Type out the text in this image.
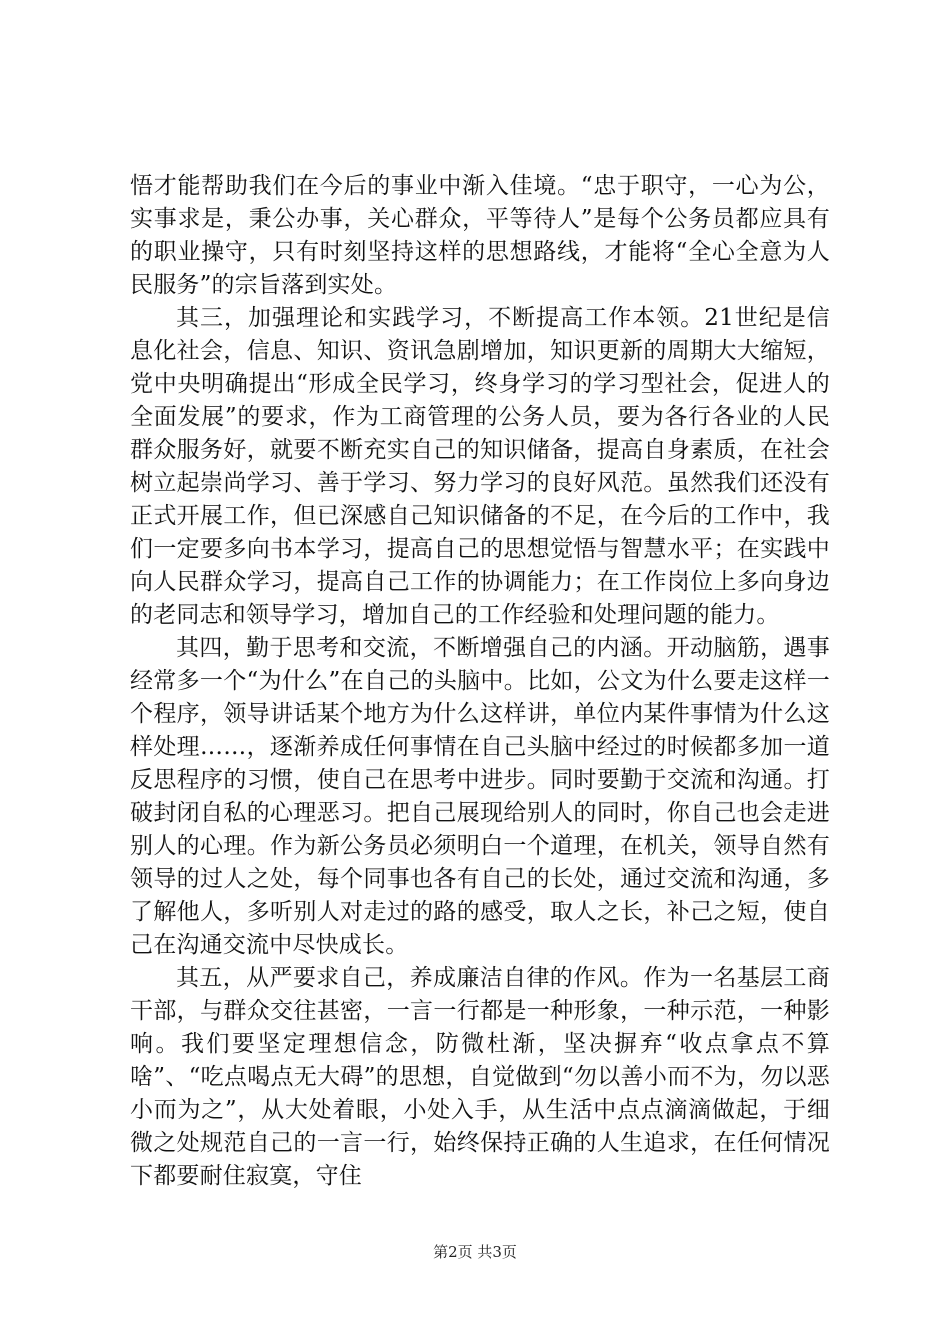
悟才能帮助我们在今后的事业中渐入佳境。“忠于职守，一心为公，实事求是，秉公办事，关心群众，平等待人”是每个公务员都应具有的职业操守，只有时刻坚持这样的思想路线，才能将“全心全意为人民服务”的宗旨落到实处。

其三，加强理论和实践学习，不断提高工作本领。21世纪是信息化社会，信息、知识、资讯急剧增加，知识更新的周期大大缩短，党中央明确提出“形成全民学习，终身学习的学习型社会，促进人的全面发展”的要求，作为工商管理的公务人员，要为各行各业的人民群众服务好，就要不断充实自己的知识储备，提高自身素质，在社会树立起崇尚学习、善于学习、努力学习的良好风范。虽然我们还没有正式开展工作，但已深感自己知识储备的不足，在今后的工作中，我们一定要多向书本学习，提高自己的思想觉悟与智慧水平；在实践中向人民群众学习，提高自己工作的协调能力；在工作岗位上多向身边的老同志和领导学习，增加自己的工作经验和处理问题的能力。

其四，勤于思考和交流，不断增强自己的内涵。开动脑筋，遇事经常多一个“为什么”在自己的头脑中。比如，公文为什么要走这样一个程序，领导讲话某个地方为什么这样讲，单位内某件事情为什么这样处理……，逐渐养成任何事情在自己头脑中经过的时候都多加一道反思程序的习惯，使自己在思考中进步。同时要勤于交流和沟通。打破封闭自私的心理恶习。把自己展现给别人的同时，你自己也会走进别人的心理。作为新公务员必须明白一个道理，在机关，领导自然有领导的过人之处，每个同事也各有自己的长处，通过交流和沟通，多了解他人，多听别人对走过的路的感受，取人之长，补己之短，使自己在沟通交流中尽快成长。

其五，从严要求自己，养成廉洁自律的作风。作为一名基层工商干部，与群众交往甚密，一言一行都是一种形象，一种示范，一种影响。我们要坚定理想信念，防微杜渐，坚决摒弃“收点拿点不算啥”、“吃点喝点无大碍”的思想，自觉做到“勿以善小而不为，勿以恶小而为之”，从大处着眼，小处入手，从生活中点点滴滴做起，于细微之处规范自己的一言一行，始终保持正确的人生追求，在任何情况下都要耐住寂寞，守住

第2页 共3页
